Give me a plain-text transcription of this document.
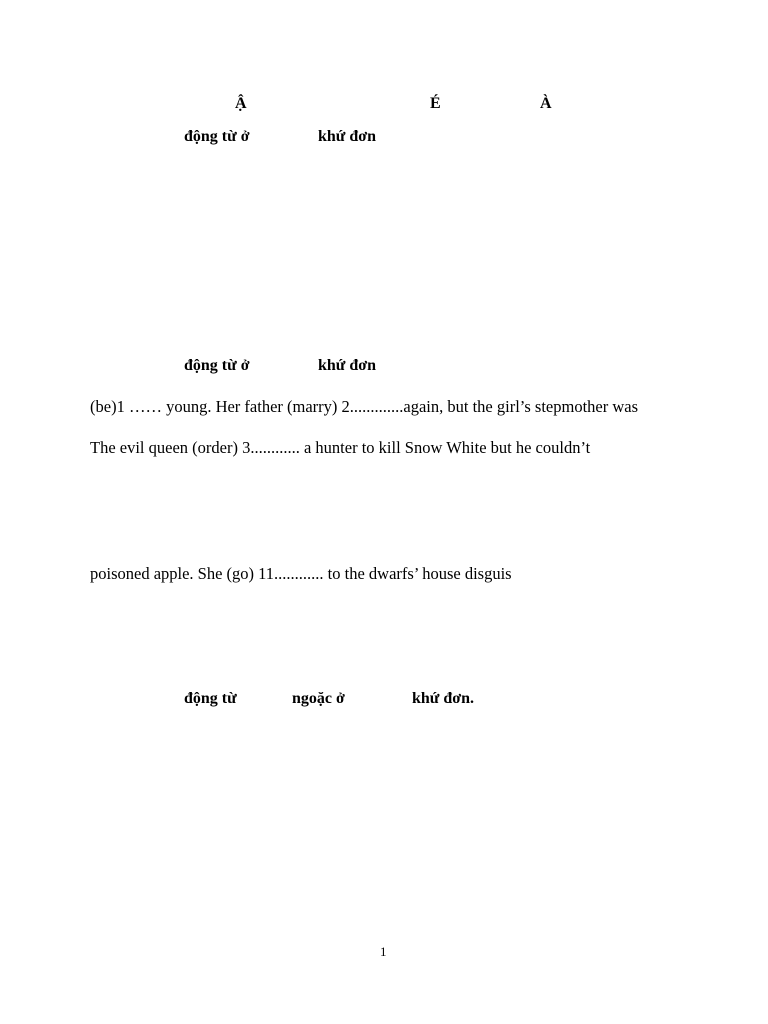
Ậ	É	À
động từ ở	khứ đơn
động từ ở	khứ đơn
(be)1 …… young. Her father (marry) 2.............again, but the girl’s stepmother was
The evil queen (order) 3............ a hunter to kill Snow White but he couldn’t
poisoned apple. She (go) 11............ to the dwarfs’ house disguis
động từ	ngoặc ở	khứ đơn.
1
